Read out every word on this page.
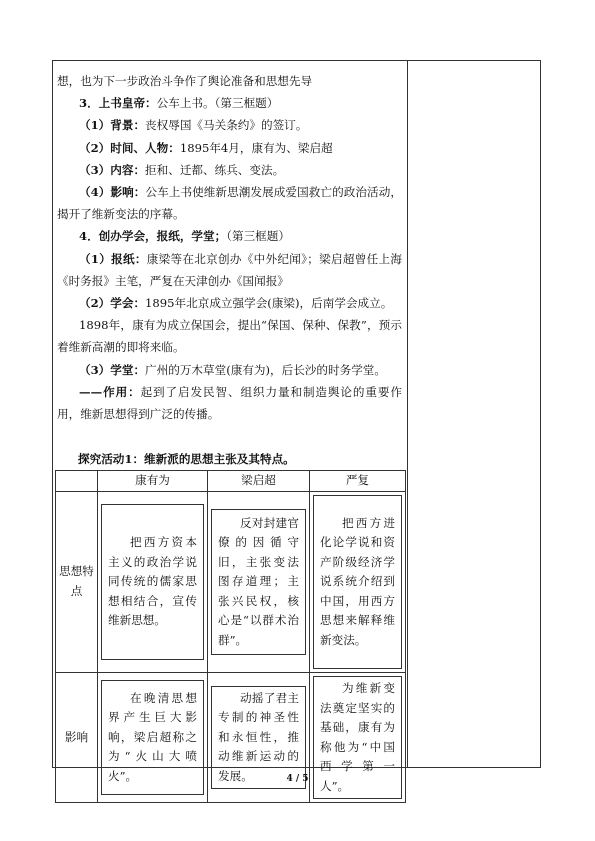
想，也为下一步政治斗争作了舆论准备和思想先导

3．上书皇帝：公车上书。（第三框题）

（1）背景：丧权辱国《马关条约》的签订。

（2）时间、人物：1895年4月，康有为、梁启超

（3）内容：拒和、迁都、练兵、变法。

（4）影响：公车上书使维新思潮发展成爱国救亡的政治活动，揭开了维新变法的序幕。

4．创办学会，报纸，学堂；（第三框题）

（1）报纸：康梁等在北京创办《中外纪闻》；梁启超曾任上海《时务报》主笔，严复在天津创办《国闻报》

（2）学会：1895年北京成立强学会(康梁)，后南学会成立。

1898年，康有为成立保国会，提出“保国、保种、保教”，预示着维新高潮的即将来临。

（3）学堂：广州的万木草堂(康有为)，后长沙的时务学堂。

——作用：起到了启发民智、组织力量和制造舆论的重要作用，维新思想得到广泛的传播。

探究活动1：维新派的思想主张及其特点。
	康有为	梁启超	严复
思想特点	把西方资本主义的政治学说同传统的儒家思想相结合，宣传维新思想。	反对封建官僚的因循守旧，主张变法图存道理；主张兴民权，核心是“以群术治群”。	把西方进化论学说和资产阶级经济学说系统介绍到中国，用西方思想来解释维新变法。

影响	在晚清思想界产生巨大影响，梁启超称之为“火山大喷火”。	动摇了君主专制的神圣性和永恒性，推动维新运动的发展。	为维新变法奠定坚实的基础，康有为称他为“中国西学第一人”。

4 / 5
